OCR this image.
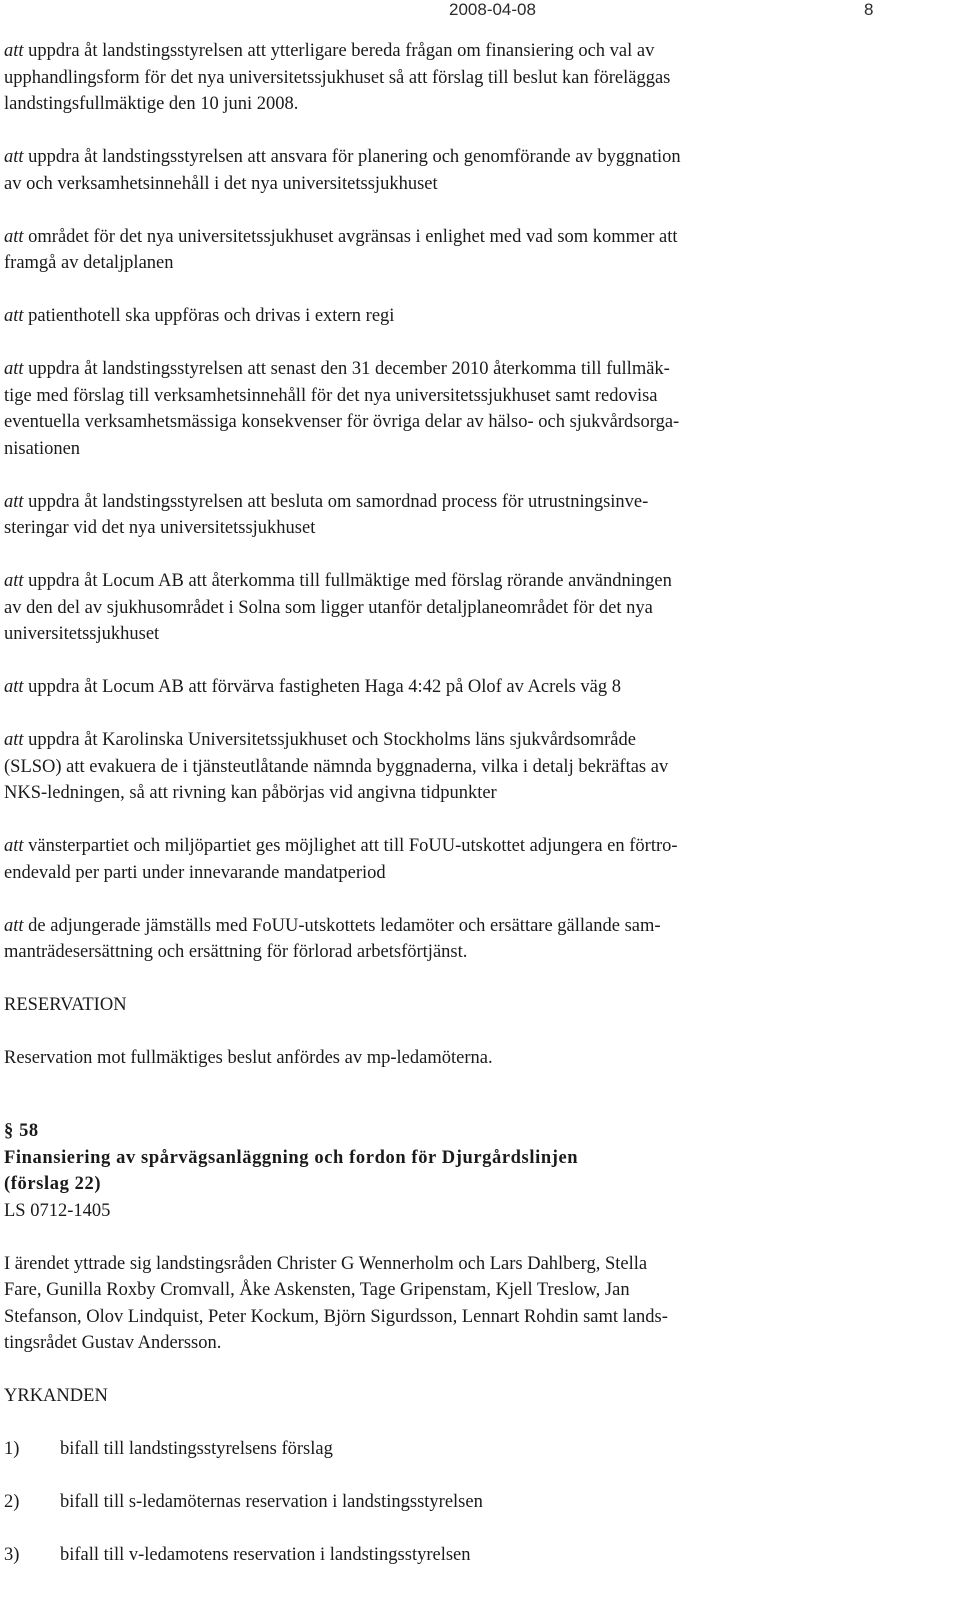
2008-04-08	8

att uppdra åt landstingsstyrelsen att ytterligare bereda frågan om finansiering och val av
upphandlingsform för det nya universitetssjukhuset så att förslag till beslut kan föreläggas
landstingsfullmäktige den 10 juni 2008.

att uppdra åt landstingsstyrelsen att ansvara för planering och genomförande av byggnation
av och verksamhetsinnehåll i det nya universitetssjukhuset

att området för det nya universitetssjukhuset avgränsas i enlighet med vad som kommer att
framgå av detaljplanen

att patienthotell ska uppföras och drivas i extern regi

att uppdra åt landstingsstyrelsen att senast den 31 december 2010 återkomma till fullmäk-
tige med förslag till verksamhetsinnehåll för det nya universitetssjukhuset samt redovisa
eventuella verksamhetsmässiga konsekvenser för övriga delar av hälso- och sjukvårdsorga-
nisationen

att uppdra åt landstingsstyrelsen att besluta om samordnad process för utrustningsinve-
steringar vid det nya universitetssjukhuset

att uppdra åt Locum AB att återkomma till fullmäktige med förslag rörande användningen
av den del av sjukhusområdet i Solna som ligger utanför detaljplaneområdet för det nya
universitetssjukhuset

att uppdra åt Locum AB att förvärva fastigheten Haga 4:42 på Olof av Acrels väg 8

att uppdra åt Karolinska Universitetssjukhuset och Stockholms läns sjukvårdsområde
(SLSO) att evakuera de i tjänsteutlåtande nämnda byggnaderna, vilka i detalj bekräftas av
NKS-ledningen, så att rivning kan påbörjas vid angivna tidpunkter

att vänsterpartiet och miljöpartiet ges möjlighet att till FoUU-utskottet adjungera en förtro-
endevald per parti under innevarande mandatperiod

att de adjungerade jämställs med FoUU-utskottets ledamöter och ersättare gällande sam-
manträdesersättning och ersättning för förlorad arbetsförtjänst.

RESERVATION

Reservation mot fullmäktiges beslut anfördes av mp-ledamöterna.

§ 58

Finansiering av spårvägsanläggning och fordon för Djurgårdslinjen

(förslag 22)

LS 0712-1405

I ärendet yttrade sig landstingsråden Christer G Wennerholm och Lars Dahlberg, Stella
Fare, Gunilla Roxby Cromvall, Åke Askensten, Tage Gripenstam, Kjell Treslow, Jan
Stefanson, Olov Lindquist, Peter Kockum, Björn Sigurdsson, Lennart Rohdin samt lands-
tingsrådet Gustav Andersson.

YRKANDEN

1)	bifall till landstingsstyrelsens förslag
2)	bifall till s-ledamöternas reservation i landstingsstyrelsen
3)	bifall till v-ledamotens reservation i landstingsstyrelsen
